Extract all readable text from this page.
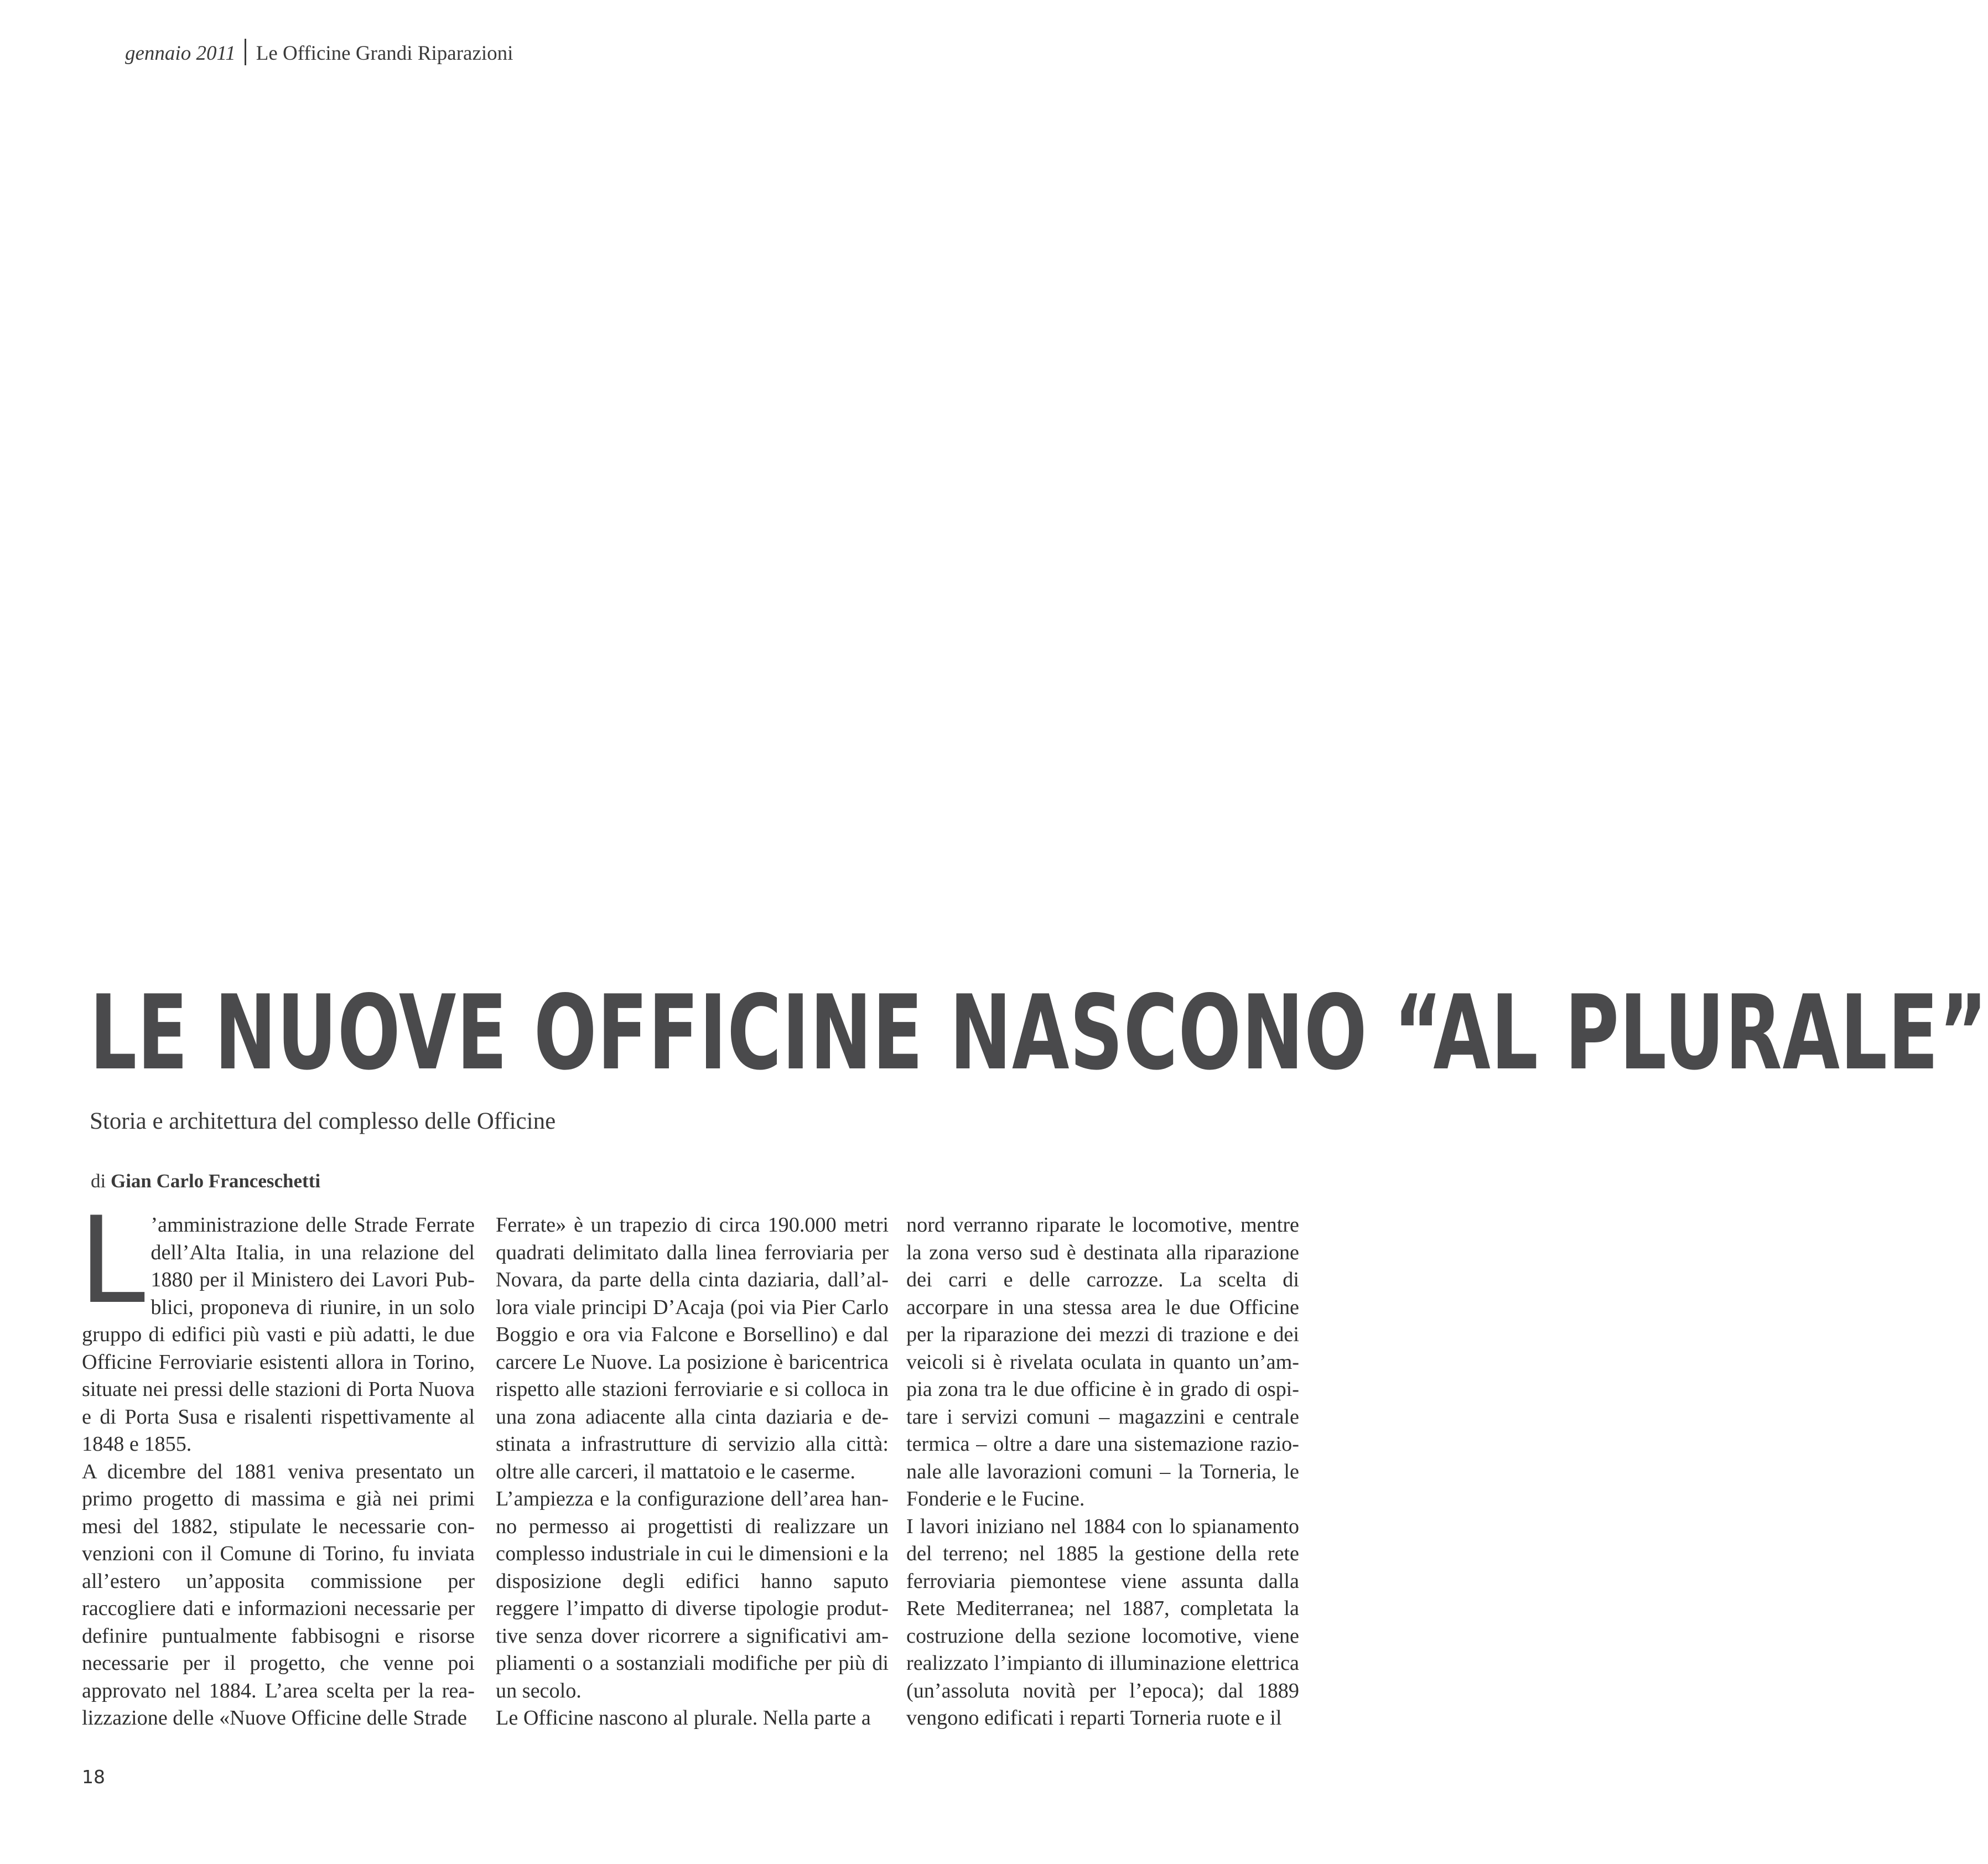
gennaio 2011 Le Officine Grandi Riparazioni
LE NUOVE OFFICINE NASCONO “AL PLURALE”
Storia e architettura del complesso delle Officine
di Gian Carlo Franceschetti

L ’amministrazione delle Strade Ferrate dell’Alta Italia, in una relazione del 1880 per il Ministero dei Lavori Pubblici, proponeva di riunire, in un solo gruppo di edifici più vasti e più adatti, le due Officine Ferroviarie esistenti allora in Torino, situate nei pressi delle stazioni di Porta Nuova e di Porta Susa e risalenti rispettivamente al 1848 e 1855.

A dicembre del 1881 veniva presentato un primo progetto di massima e già nei primi mesi del 1882, stipulate le necessarie convenzioni con il Comune di Torino, fu inviata all’estero un’apposita commissione per raccogliere dati e informazioni necessarie per definire puntualmente fabbisogni e risorse necessarie per il progetto, che venne poi approvato nel 1884. L’area scelta per la realizzazione delle «Nuove Officine delle Strade

Ferrate» è un trapezio di circa 190.000 metri quadrati delimitato dalla linea ferroviaria per Novara, da parte della cinta daziaria, dall’allora viale principi D’Acaja (poi via Pier Carlo Boggio e ora via Falcone e Borsellino) e dal carcere Le Nuove. La posizione è baricentrica rispetto alle stazioni ferroviarie e si colloca in una zona adiacente alla cinta daziaria e destinata a infrastrutture di servizio alla città: oltre alle carceri, il mattatoio e le caserme.

L’ampiezza e la configurazione dell’area hanno permesso ai progettisti di realizzare un complesso industriale in cui le dimensioni e la disposizione degli edifici hanno saputo reggere l’impatto di diverse tipologie produttive senza dover ricorrere a significativi ampliamenti o a sostanziali modifiche per più di un secolo.

Le Officine nascono al plurale. Nella parte a

nord verranno riparate le locomotive, mentre la zona verso sud è destinata alla riparazione dei carri e delle carrozze. La scelta di accorpare in una stessa area le due Officine per la riparazione dei mezzi di trazione e dei veicoli si è rivelata oculata in quanto un’ampia zona tra le due officine è in grado di ospitare i servizi comuni – magazzini e centrale termica – oltre a dare una sistemazione razionale alle lavorazioni comuni – la Torneria, le Fonderie e le Fucine.

I lavori iniziano nel 1884 con lo spianamento del terreno; nel 1885 la gestione della rete ferroviaria piemontese viene assunta dalla Rete Mediterranea; nel 1887, completata la costruzione della sezione locomotive, viene realizzato l’impianto di illuminazione elettrica (un’assoluta novità per l’epoca); dal 1889 vengono edificati i reparti Torneria ruote e il

18
